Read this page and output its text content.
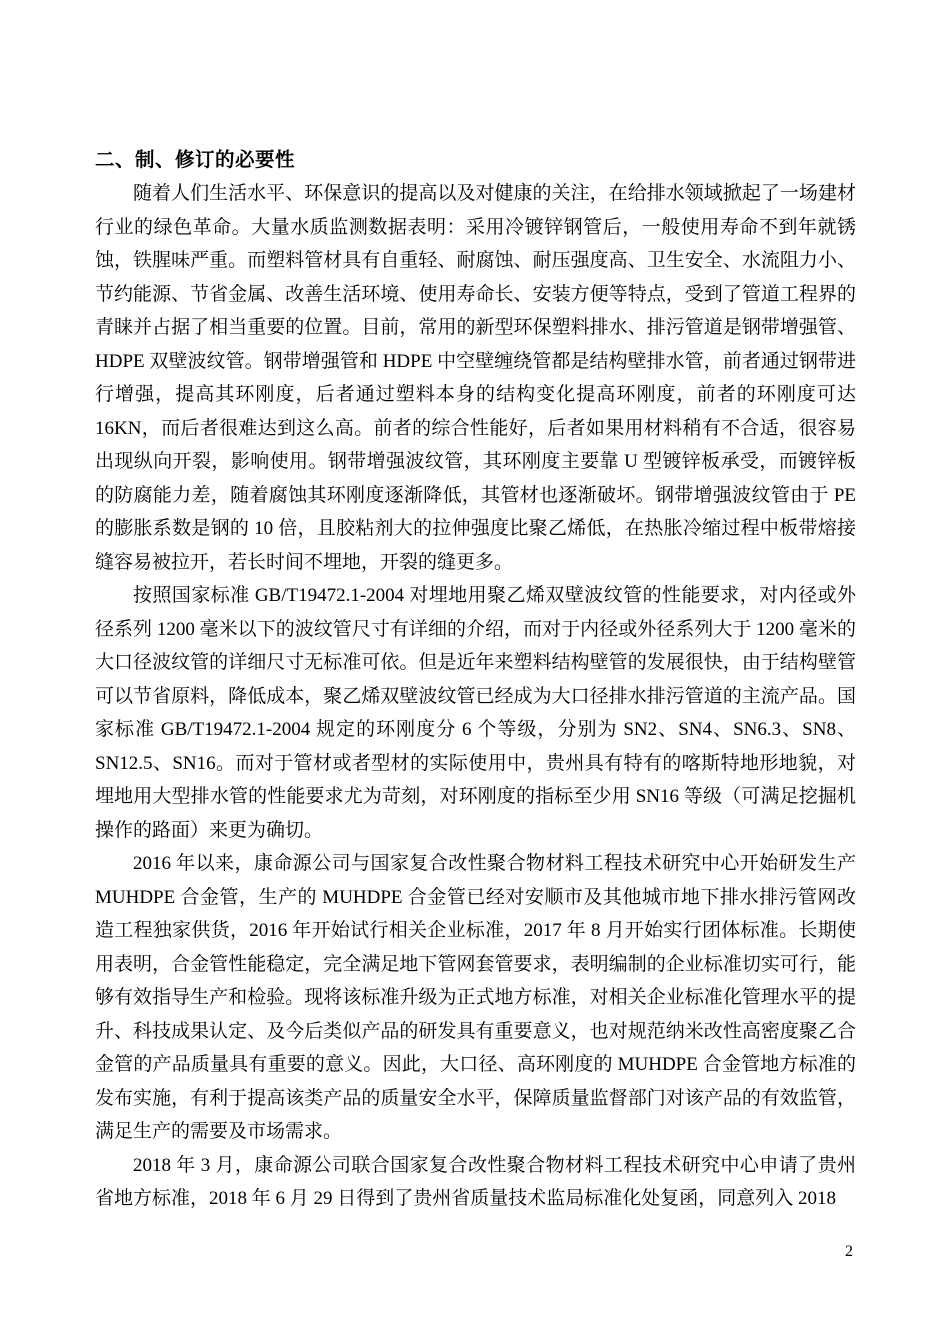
二、制、修订的必要性

随着人们生活水平、环保意识的提高以及对健康的关注，在给排水领域掀起了一场建材行业的绿色革命。大量水质监测数据表明：采用冷镀锌钢管后，一般使用寿命不到年就锈蚀，铁腥味严重。而塑料管材具有自重轻、耐腐蚀、耐压强度高、卫生安全、水流阻力小、节约能源、节省金属、改善生活环境、使用寿命长、安装方便等特点，受到了管道工程界的青睐并占据了相当重要的位置。目前，常用的新型环保塑料排水、排污管道是钢带增强管、HDPE 双壁波纹管。钢带增强管和 HDPE 中空壁缠绕管都是结构壁排水管，前者通过钢带进行增强，提高其环刚度，后者通过塑料本身的结构变化提高环刚度，前者的环刚度可达 16KN，而后者很难达到这么高。前者的综合性能好，后者如果用材料稍有不合适，很容易出现纵向开裂，影响使用。钢带增强波纹管，其环刚度主要靠 U 型镀锌板承受，而镀锌板的防腐能力差，随着腐蚀其环刚度逐渐降低，其管材也逐渐破坏。钢带增强波纹管由于 PE 的膨胀系数是钢的 10 倍，且胶粘剂大的拉伸强度比聚乙烯低，在热胀冷缩过程中板带熔接缝容易被拉开，若长时间不埋地，开裂的缝更多。

按照国家标准 GB/T19472.1-2004 对埋地用聚乙烯双壁波纹管的性能要求，对内径或外径系列 1200 毫米以下的波纹管尺寸有详细的介绍，而对于内径或外径系列大于 1200 毫米的大口径波纹管的详细尺寸无标准可依。但是近年来塑料结构壁管的发展很快，由于结构壁管可以节省原料，降低成本，聚乙烯双壁波纹管已经成为大口径排水排污管道的主流产品。国家标准 GB/T19472.1-2004 规定的环刚度分 6 个等级，分别为 SN2、SN4、SN6.3、SN8、SN12.5、SN16。而对于管材或者型材的实际使用中，贵州具有特有的喀斯特地形地貌，对埋地用大型排水管的性能要求尤为苛刻，对环刚度的指标至少用 SN16 等级（可满足挖掘机操作的路面）来更为确切。

2016 年以来，康命源公司与国家复合改性聚合物材料工程技术研究中心开始研发生产 MUHDPE 合金管，生产的 MUHDPE 合金管已经对安顺市及其他城市地下排水排污管网改造工程独家供货，2016 年开始试行相关企业标准，2017 年 8 月开始实行团体标准。长期使用表明，合金管性能稳定，完全满足地下管网套管要求，表明编制的企业标准切实可行，能够有效指导生产和检验。现将该标准升级为正式地方标准，对相关企业标准化管理水平的提升、科技成果认定、及今后类似产品的研发具有重要意义，也对规范纳米改性高密度聚乙合金管的产品质量具有重要的意义。因此，大口径、高环刚度的 MUHDPE 合金管地方标准的发布实施，有利于提高该类产品的质量安全水平，保障质量监督部门对该产品的有效监管，满足生产的需要及市场需求。

2018 年 3 月，康命源公司联合国家复合改性聚合物材料工程技术研究中心申请了贵州省地方标准，2018 年 6 月 29 日得到了贵州省质量技术监局标准化处复函，同意列入 2018

2
